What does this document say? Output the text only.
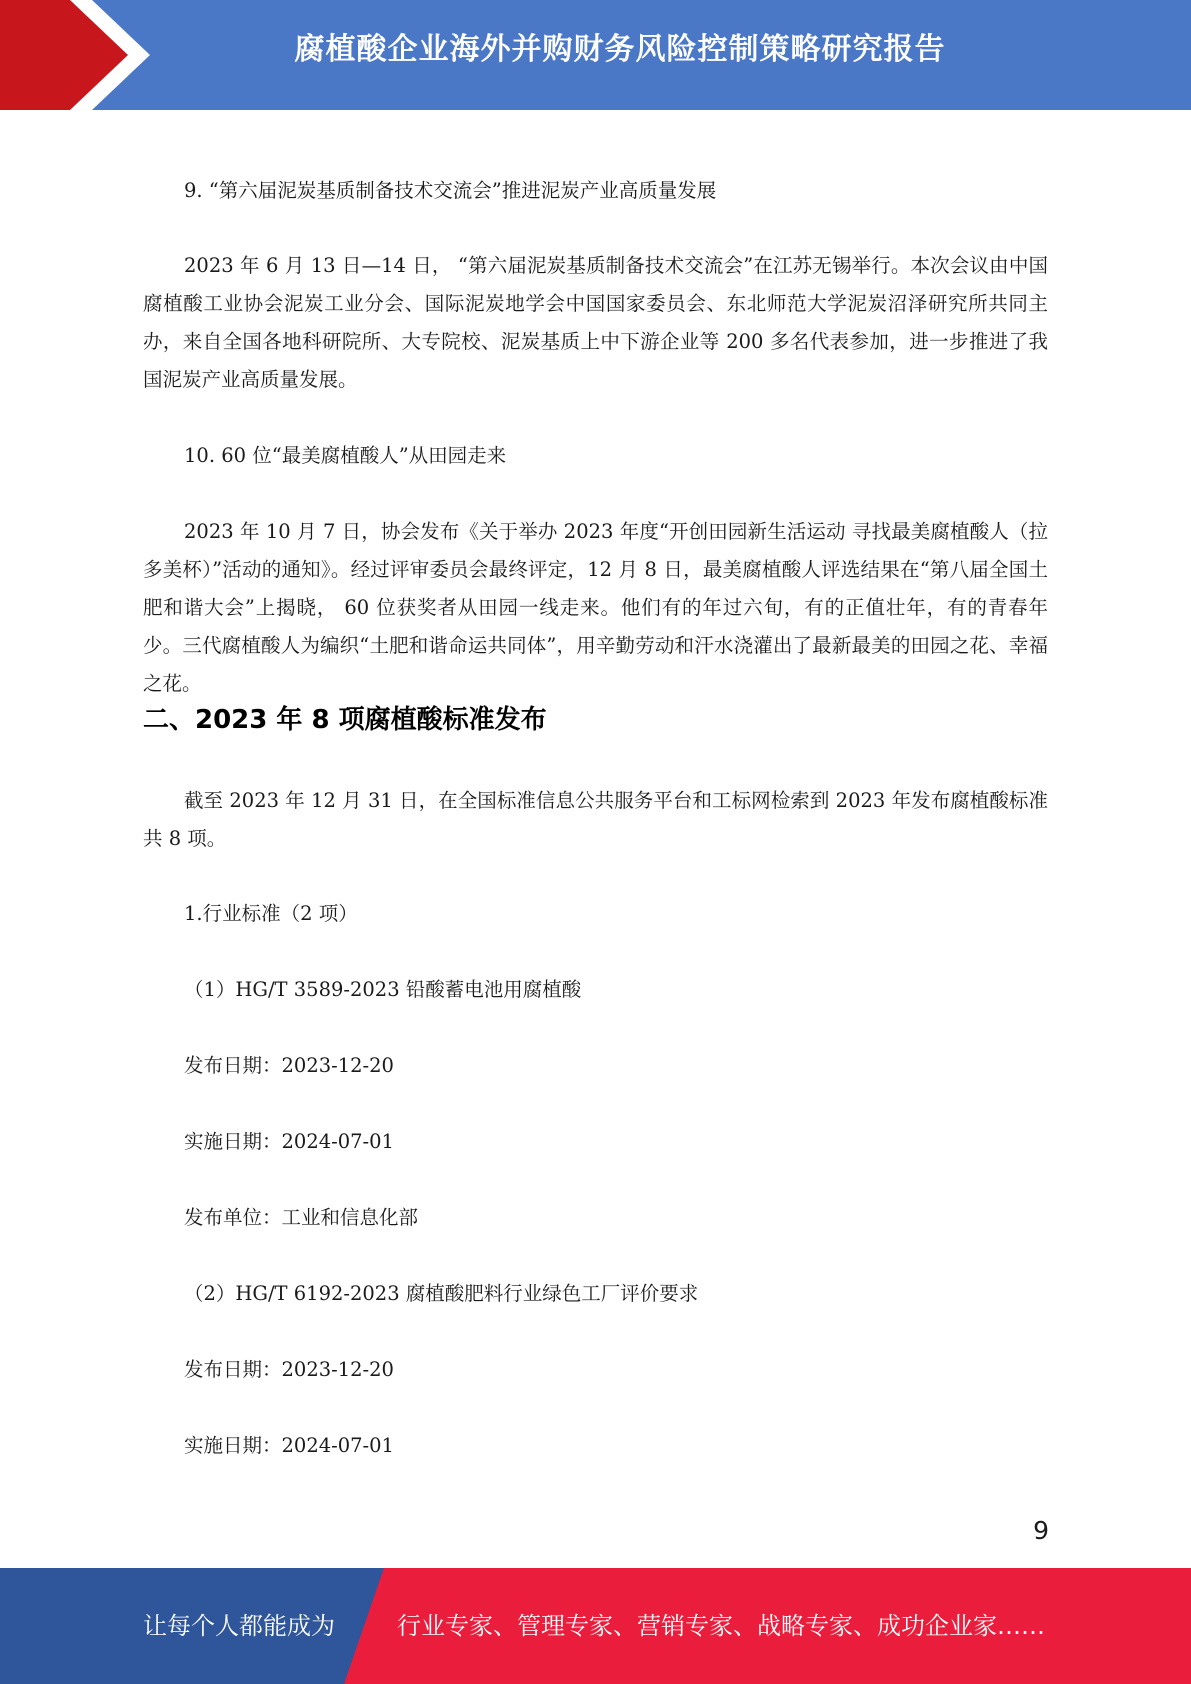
腐植酸企业海外并购财务风险控制策略研究报告

9. “第六届泥炭基质制备技术交流会”推进泥炭产业高质量发展

2023 年 6 月 13 日—14 日， “第六届泥炭基质制备技术交流会”在江苏无锡举行。本次会议由中国腐植酸工业协会泥炭工业分会、国际泥炭地学会中国国家委员会、东北师范大学泥炭沼泽研究所共同主办，来自全国各地科研院所、大专院校、泥炭基质上中下游企业等 200 多名代表参加，进一步推进了我国泥炭产业高质量发展。

10. 60 位“最美腐植酸人”从田园走来

2023 年 10 月 7 日，协会发布《关于举办 2023 年度“开创田园新生活运动 寻找最美腐植酸人（拉多美杯）”活动的通知》。经过评审委员会最终评定，12 月 8 日，最美腐植酸人评选结果在“第八届全国土肥和谐大会”上揭晓， 60 位获奖者从田园一线走来。他们有的年过六旬，有的正值壮年，有的青春年少。三代腐植酸人为编织“土肥和谐命运共同体”，用辛勤劳动和汗水浇灌出了最新最美的田园之花、幸福之花。

二、2023 年 8 项腐植酸标准发布

截至 2023 年 12 月 31 日，在全国标准信息公共服务平台和工标网检索到 2023 年发布腐植酸标准共 8 项。

1.行业标准（2 项）

（1）HG/T 3589-2023 铅酸蓄电池用腐植酸

发布日期：2023-12-20

实施日期：2024-07-01

发布单位：工业和信息化部

（2）HG/T 6192-2023 腐植酸肥料行业绿色工厂评价要求

发布日期：2023-12-20

实施日期：2024-07-01

9
让每个人都能成为	行业专家、管理专家、营销专家、战略专家、成功企业家……
